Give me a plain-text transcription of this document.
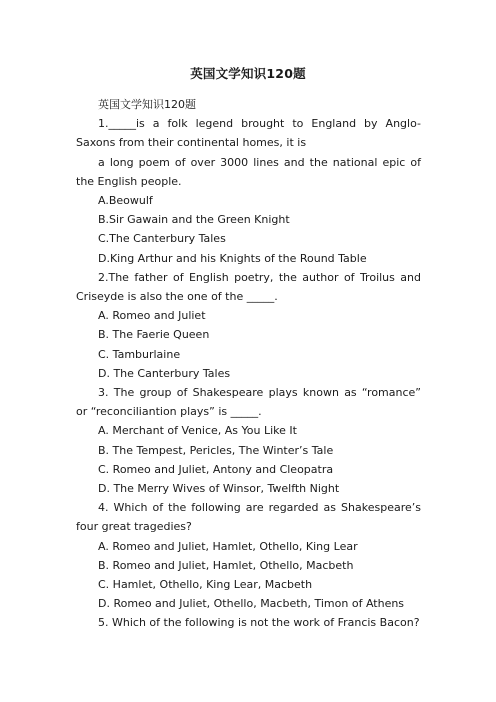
英国文学知识120题

英国文学知识120题

1._____is a folk legend brought to England by Anglo-Saxons from their continental homes, it is

a long poem of over 3000 lines and the national epic of the English people.

A.Beowulf

B.Sir Gawain and the Green Knight

C.The Canterbury Tales

D.King Arthur and his Knights of the Round Table

2.The father of English poetry, the author of Troilus and Criseyde is also the one of the _____.

A. Romeo and Juliet

B. The Faerie Queen

C. Tamburlaine

D. The Canterbury Tales

3. The group of Shakespeare plays known as “romance” or “reconciliantion plays” is _____.

A. Merchant of Venice, As You Like It

B. The Tempest, Pericles, The Winter’s Tale

C. Romeo and Juliet, Antony and Cleopatra

D. The Merry Wives of Winsor, Twelfth Night

4. Which of the following are regarded as Shakespeare’s four great tragedies?

A. Romeo and Juliet, Hamlet, Othello, King Lear

B. Romeo and Juliet, Hamlet, Othello, Macbeth

C. Hamlet, Othello, King Lear, Macbeth

D. Romeo and Juliet, Othello, Macbeth, Timon of Athens

5. Which of the following is not the work of Francis Bacon?
